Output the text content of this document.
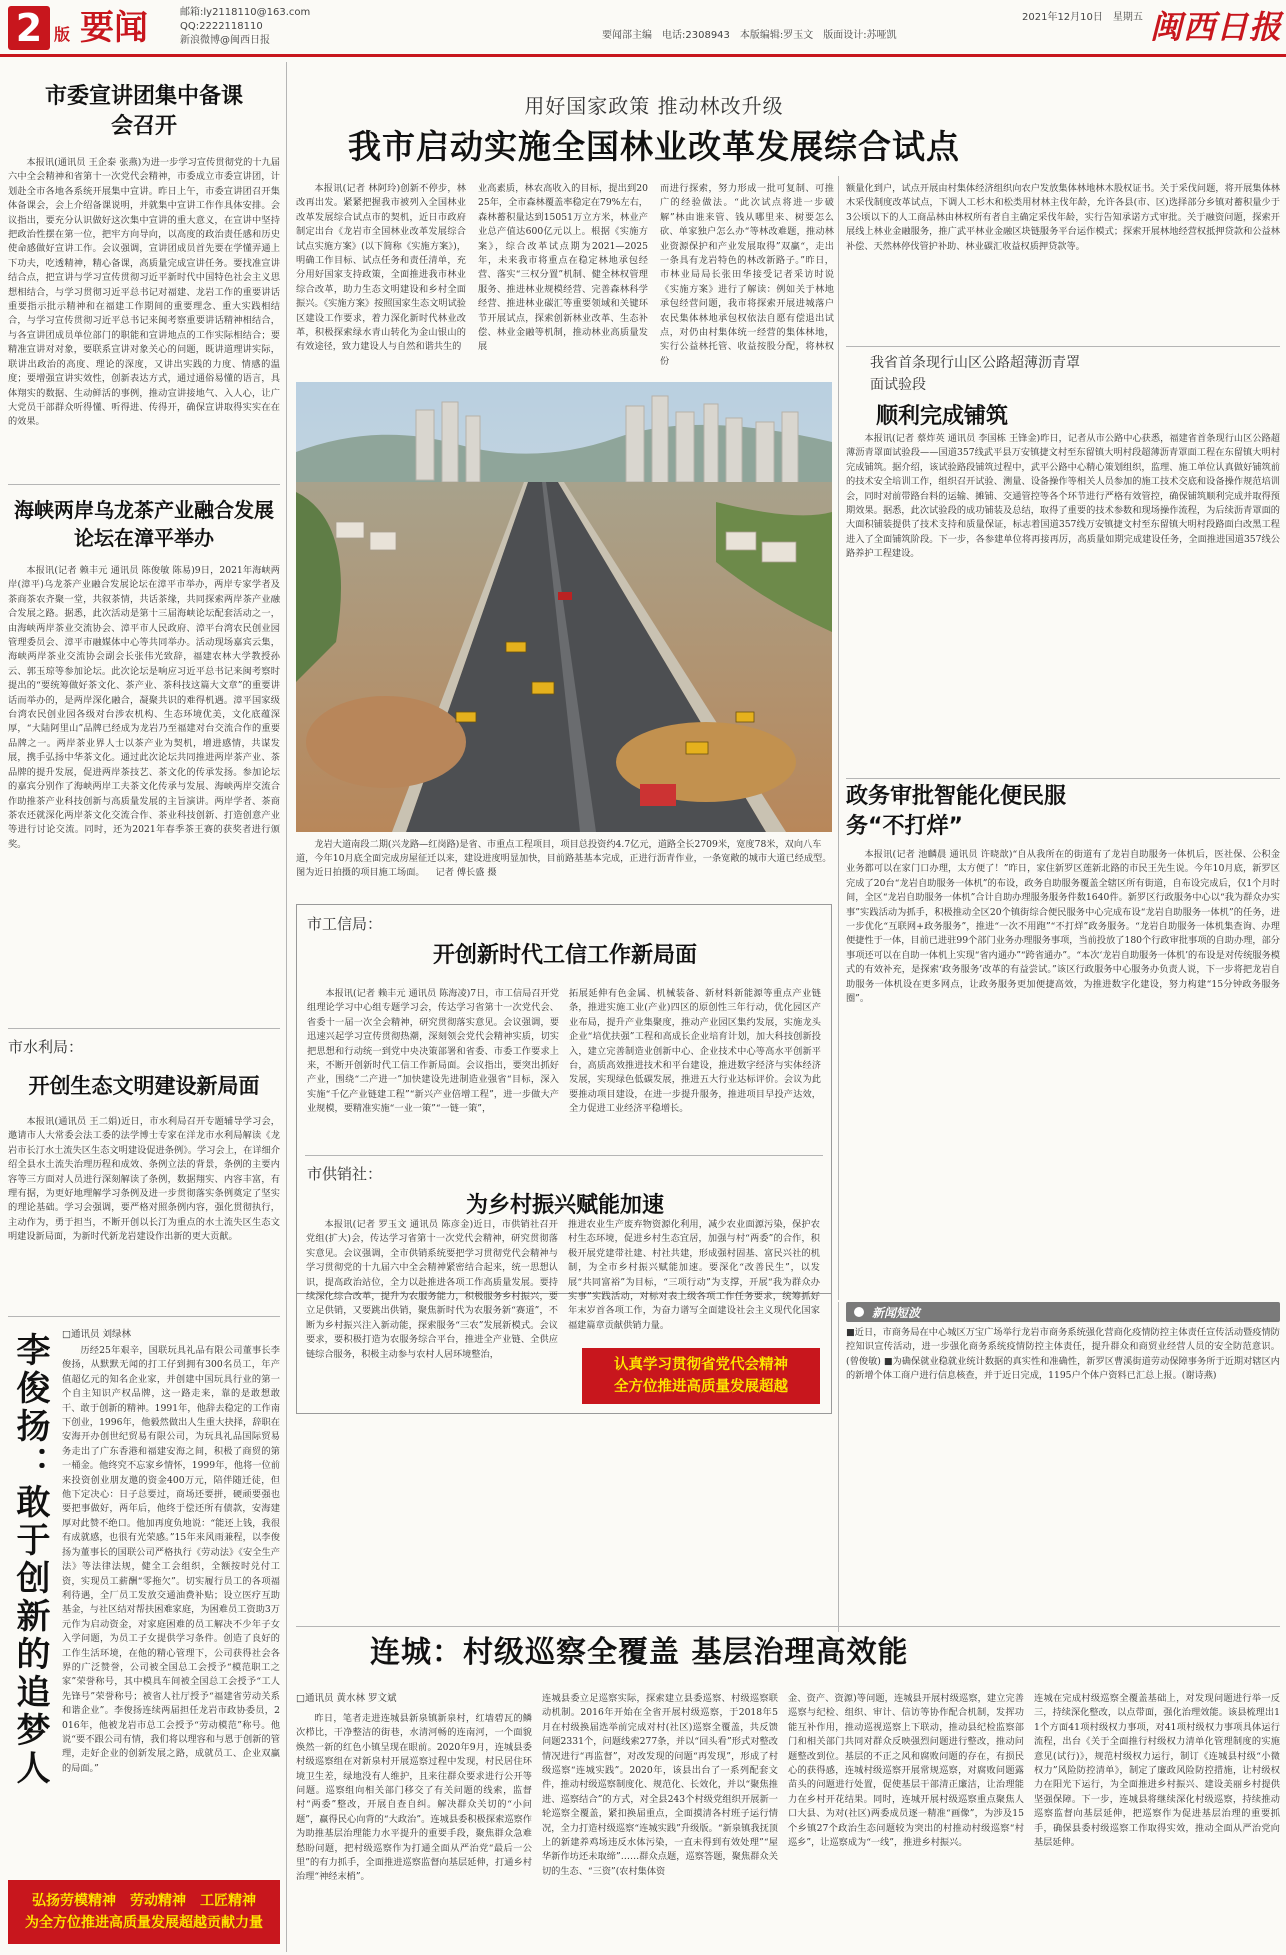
2 版 要闻	邮箱:ly2118110@163.com
QQ:2222118110
新浪微博@闽西日报	要闻部主编　电话:2308943　本版编辑:罗玉文　版面设计:苏哑凯
2021年12月10日　星期五 闽西日报
市委宣讲团集中备课会召开
本报讯(通讯员 王企泰 张燕)为进一步学习宣传贯彻党的十九届六中全会精神和省第十一次党代会精神，市委成立市委宣讲团，计划赴全市各地各系统开展集中宣讲。昨日上午，市委宣讲团召开集体备课会，会上介绍备课说明，并就集中宣讲工作作具体安排。会议指出，要充分认识做好这次集中宣讲的重大意义，在宣讲中坚持把政治性摆在第一位，把牢方向导向，以高度的政治责任感和历史使命感做好宣讲工作。会议强调，宣讲团成员首先要在学懂弄通上下功夫，吃透精神，精心备课，高质量完成宣讲任务。要找准宣讲结合点，把宣讲与学习宣传贯彻习近平新时代中国特色社会主义思想相结合，与学习贯彻习近平总书记对福建、龙岩工作的重要讲话重要指示批示精神和在福建工作期间的重要理念、重大实践相结合，与学习宣传贯彻习近平总书记来闽考察重要讲话精神相结合，与各宣讲团成员单位部门的职能和宣讲地点的工作实际相结合；要精准宣讲对对象，要联系宣讲对象关心的问题，既讲道理讲实际，联讲出政治的高度、理论的深度，又讲出实践的力度、情感的温度；要增强宣讲实效性，创新表达方式，通过通俗易懂的语言，具体翔实的数据、生动鲜活的事例，推动宣讲接地气、入人心，让广大党员干部群众听得懂、听得进、传得开，确保宣讲取得实实在在的效果。
海峡两岸乌龙茶产业融合发展论坛在漳平举办
本报讯(记者 赖丰元 通讯员 陈俊敏 陈易)9日，2021年海峡两岸(漳平)乌龙茶产业融合发展论坛在漳平市举办，两岸专家学者及茶商茶农齐聚一堂，共叙茶情，共话茶缘，共同探索两岸茶产业融合发展之路。据悉，此次活动是第十三届海峡论坛配套活动之一，由海峡两岸茶业交流协会、漳平市人民政府、漳平台湾农民创业园管理委员会、漳平市融媒体中心等共同举办。活动现场嘉宾云集，海峡两岸茶业交流协会副会长张伟光致辞，福建农林大学教授孙云、郭玉琼等参加论坛。此次论坛是响应习近平总书记来闽考察时提出的“要统筹做好茶文化、茶产业、茶科技这篇大文章”的重要讲话而举办的，是两岸深化融合，凝聚共识的难得机遇。漳平国家级台湾农民创业园各级对台涉农机构、生态环境优美，文化底蕴深厚，“大陆阿里山”品牌已经成为龙岩乃至福建对台交流合作的重要品牌之一。两岸茶业界人士以茶产业为契机，增进感情，共谋发展，携手弘扬中华茶文化。通过此次论坛共同推进两岸茶产业、茶品牌的提升发展，促进两岸茶技艺、茶文化的传承发扬。参加论坛的嘉宾分别作了海峡两岸工夫茶文化传承与发展、海峡两岸交流合作助推茶产业科技创新与高质量发展的主旨演讲。两岸学者、茶商茶农还就深化两岸茶文化交流合作、茶业科技创新、打造创意产业等进行讨论交流。同时，还为2021年春季茶王赛的获奖者进行颁奖。
市水利局：
开创生态文明建设新局面
本报讯(通讯员 王二娟)近日，市水利局召开专题辅导学习会，邀请市人大常委会法工委的法学博士专家在洋龙市水利局解读《龙岩市长汀水土流失区生态文明建设促进条例》。学习会上，在详细介绍全县水土流失治理历程和成效、条例立法的背景，条例的主要内容等三方面对人员进行深刻解读了条例，数据翔实、内容丰富，有理有据，为更好地理解学习条例及进一步贯彻落实条例奠定了坚实的理论基础。学习会强调，要严格对照条例内容，强化贯彻执行，主动作为，勇于担当，不断开创以长汀为重点的水土流失区生态文明建设新局面，为新时代新龙岩建设作出新的更大贡献。
李俊扬：敢于创新的追梦人 □通讯员 刘绿林
历经25年艰辛，国联玩具礼品有限公司董事长李俊扬，从默默无闻的打工仔到拥有300名员工，年产值超亿元的知名企业家，并创建中国玩具行业的第一个自主知识产权品牌，这一路走来，靠的是敢想敢干、敢于创新的精神。1991年，他辞去稳定的工作南下创业，1996年，他毅然做出人生重大抉择，辞职在安海开办创世纪贸易有限公司，为玩具礼品国际贸易务走出了广东香港和福建安海之间，积极了商贸的第一桶金。他终究不忘家乡情怀，1999年，他将一位前来投资创业朋友邀的资金400万元，陪伴随迁徒，但他下定决心：日子总要过，商场还要拼，硬顽要强也要把事做好，两年后，他终于偿还所有债款，安海建厚对此赞不绝口。他加再度负地说：“能还上钱，我很有成就感，也很有光荣感。”15年来风雨兼程，以李俊扬为董事长的国联公司严格执行《劳动法》《安全生产法》等法律法规，健全工会组织，全额按时兑付工资，实现员工薪酬“零拖欠”。切实履行员工的各项福利待遇，全厂员工发放交通油费补贴；设立医疗互助基金，与社区结对帮扶困难家庭，为困难员工资助3万元作为启动资金，对家庭困难的员工解决不少年子女入学问题，为员工子女提供学习条件。创造了良好的工作生活环境，在他的精心管理下，公司获得社会各界的广泛赞誉，公司被全国总工会授予“模范职工之家”荣誉称号，其中模具车间被全国总工会授予“工人先锋号”荣誉称号；被省人社厅授予“福建省劳动关系和谐企业”。李俊扬连续两届担任龙岩市政协委员，2016年，他被龙岩市总工会授予“劳动模范”称号。他说“要不跟公司有情，我们将以理容和与恩于创新的管理，走好企业的创新发展之路，成就员工、企业双赢的局面。”
弘扬劳模精神　劳动精神　工匠精神
为全方位推进高质量发展超越贡献力量
用好国家政策 推动林改升级
我市启动实施全国林业改革发展综合试点
本报讯(记者 林阿玲)创新不停步，林改再出发。紧紧把握我市被列入全国林业改革发展综合试点市的契机，近日市政府制定出台《龙岩市全国林业改革发展综合试点实施方案》(以下简称《实施方案》)，明确工作目标、试点任务和责任清单，充分用好国家支持政策，全面推进我市林业综合改革，助力生态文明建设和乡村全面振兴。《实施方案》按照国家生态文明试验区建设工作要求，着力深化新时代林业改革，积极探索绿水青山转化为金山银山的有效途径，致力建设人与自然和谐共生的
业高素质，林农高收入的目标，提出到2025年，全市森林覆盖率稳定在79%左右，森林蓄积量达到15051万立方米，林业产业总产值达600亿元以上。根据《实施方案》，综合改革试点期为2021—2025年，未来我市将重点在稳定林地承包经营、落实“三权分置”机制、健全林权管理服务、推进林业规模经营、完善森林科学经营、推进林业碳汇等重要领域和关键环节开展试点，探索创新林业改革、生态补偿、林业金融等机制，推动林业高质量发展
而进行探索，努力形成一批可复制、可推广的经验做法。“此次试点将进一步破解”林由谁来管、钱从哪里来、树要怎么砍、单家独户怎么办“等林改难题，推动林业资源保护和产业发展取得”双赢“，走出一条具有龙岩特色的林改新路子。”昨日，市林业局局长张田华接受记者采访时说《实施方案》进行了解读：例如关于林地承包经营问题，我市将探索开展进城落户农民集体林地承包权依法自愿有偿退出试点，对仍由村集体统一经营的集体林地，实行公益林托管、收益按股分配，将林权份
额量化到户，试点开展由村集体经济组织向农户发放集体林地林木股权证书。关于采伐问题，将开展集体林木采伐制度改革试点，下调人工杉木和松类用材林主伐年龄，允许各县(市、区)选择部分乡镇对蓄积量少于3公顷以下的人工商品林由林权所有者自主确定采伐年龄，实行告知承诺方式审批。关于融资问题，探索开展线上林业金融服务，推广武平林业金融区块链服务平台运作模式；探索开展林地经营权抵押贷款和公益林补偿、天然林停伐管护补助、林业碳汇收益权质押贷款等。
龙岩大道南段二期(兴龙路—红岗路)是省、市重点工程项目，项目总投资约4.7亿元，道路全长2709米，宽度78米，双向八车道，今年10月底全面完成房屋征迁以来，建设进度明显加快，目前路基基本完成，正进行沥青作业，一条宽敞的城市大道已经成型。图为近日拍摄的项目施工场面。 记者 傅长盛 摄
我省首条现行山区公路超薄沥青罩面试验段
顺利完成铺筑
本报讯(记者 蔡炸英 通讯员 李国栋 王锋金)昨日，记者从市公路中心获悉，福建省首条现行山区公路超薄沥青罩面试验段——国道357线武平县万安镇捷文村至东留镇大明村段超薄沥青罩面工程在东留镇大明村完成铺筑。据介绍，该试验路段铺筑过程中，武平公路中心精心策划组织，监理、施工单位认真做好铺筑前的技术安全培训工作，组织召开试验、测量、设备操作等相关人员参加的施工技术交底和设备操作规范培训会，同时对前带路台料的运输、摊铺、交通管控等各个环节进行严格有效管控，确保铺筑顺利完成并取得预期效果。据悉，此次试验段的成功铺装及总结，取得了重要的技术参数和现场操作流程，为后续沥青罩面的大面积铺装提供了技术支持和质量保证，标志着国道357线万安镇捷文村至东留镇大明村段路面白改黑工程进入了全面铺筑阶段。下一步，各参建单位将再接再厉，高质量如期完成建设任务，全面推进国道357线公路养护工程建设。
政务审批智能化便民服务“不打烊”
本报讯(记者 池麟晨 通讯员 许晓歆)“自从我所在的街道有了龙岩自助服务一体机后，医社保、公积金业务都可以在家门口办理，太方便了！”昨日，家住新罗区莲新北路的市民王先生说。今年10月底，新罗区完成了20台“龙岩自助服务一体机”的布设，政务自助服务覆盖全辖区所有街道，自布设完成后，仅1个月时间，全区“龙岩自助服务一体机”合计自助办理服务服务件数1640件。新罗区行政服务中心以“我为群众办实事”实践活动为抓手，积极推动全区20个镇街综合便民服务中心完成布设“龙岩自助服务一体机”的任务，进一步优化“互联网+政务服务”，推进“一次不用跑”“不打烊”政务服务。“龙岩自助服务一体机集查询、办理便捷性于一体，目前已进驻99个部门业务办理服务事项，当前投放了180个行政审批事项的自助办理，部分事项还可以在自助一体机上实现“省内通办”“跨省通办”。“本次‘龙岩自助服务一体机’的布设是对传统服务模式的有效补充，是探索‘政务服务’改革的有益尝试。”该区行政服务中心服务办负责人说，下一步将把龙岩自助服务一体机设在更多网点，让政务服务更加便捷高效，为推进数字化建设，努力构建“15分钟政务服务圈”。
新闻短波
■近日，市商务局在中心城区万宝广场举行龙岩市商务系统强化营商化疫情防控主体责任宣传活动暨疫情防控知识宣传活动，进一步强化商务系统疫情防控主体责任，提升群众和商贸业经营人员的安全防范意识。(曾俊敏) ■为确保就业稳就业统计数据的真实性和准确性，新罗区曹溪街道劳动保障事务所于近期对辖区内的新增个体工商户进行信息核查，并于近日完成，1195户个体户资料已汇总上报。(谢诗燕)
市工信局：
开创新时代工信工作新局面
本报讯(记者 赖丰元 通讯员 陈海凌)7日，市工信局召开党组理论学习中心组专题学习会，传达学习省第十一次党代会、省委十一届一次全会精神，研究贯彻落实意见。会议强调，要迅速兴起学习宣传贯彻热潮，深刻领会党代会精神实质，切实把思想和行动统一到党中央决策部署和省委、市委工作要求上来，不断开创新时代工信工作新局面。会议指出，要突出抓好产业，围绕“二产进一”加快建设先进制造业强省“目标，深入实施“千亿产业链建工程”“新兴产业倍增工程”，进一步做大产业规模，要精准实施“一业一策”“一链一策”，
拓展延伸有色金属、机械装备、新材料新能源等重点产业链条，推进实施工业(产业)四区的原创性三年行动，优化园区产业布局，提升产业集聚度，推动产业园区集约发展，实施龙头企业“培优扶强”工程和高成长企业培育计划，加大科技创新投入，建立完善制造业创新中心、企业技术中心等高水平创新平台，高质高效推进技术和平台建设，推进数字经济与实体经济发展，实现绿色低碳发展，推进五大行业达标评价。会议为此要推动项目建设，在进一步提升服务，推进项目早投产达效，全力促进工业经济平稳增长。
市供销社：
为乡村振兴赋能加速
本报讯(记者 罗玉文 通讯员 陈彦金)近日，市供销社召开党组(扩大)会，传达学习省第十一次党代会精神，研究贯彻落实意见。会议强调，全市供销系统要把学习贯彻党代会精神与学习贯彻党的十九届六中全会精神紧密结合起来，统一思想认识，提高政治站位，全力以赴推进各项工作高质量发展。要持续深化综合改革，提升为农服务能力，积极服务乡村振兴，要立足供销，又要跳出供销，聚焦新时代为农服务新“赛道”，不断为乡村振兴注入新动能，探索服务“三农”发展新模式。会议要求，要积极打造为农服务综合平台，推进全产业链、全供应链综合服务，积极主动参与农村人居环境整治，
推进农业生产废弃物资源化利用，减少农业面源污染，保护农村生态环境，促进乡村生态宜居，加强与村“两委”的合作，积极开展党建带社建、村社共建，形成强村固基、富民兴社的机制，为全市乡村振兴赋能加速。要深化“改善民生”，以发展“共同富裕”为目标，“三项行动”为支撑，开展“我为群众办实事”实践活动，对标对表上级各项工作任务要求，统筹抓好年末岁首各项工作，为奋力谱写全面建设社会主义现代化国家福建篇章贡献供销力量。
认真学习贯彻省党代会精神
全方位推进高质量发展超越
连城：村级巡察全覆盖 基层治理高效能
□通讯员 黄水林 罗文斌
昨日，笔者走进连城县新泉镇新泉村，红墙碧瓦的鳞次栉比，干净整洁的街巷，水清河畅的连南河，一个面貌焕然一新的红色小镇呈现在眼前。2020年9月，连城县委村级巡察组在对新泉村开展巡察过程中发现，村民居住环境卫生差，绿地没有人维护，且来往群众要求进行公开等问题。巡察组向相关部门移交了有关问题的线索，监督村“两委”整改，开展自查自纠。解决群众关切的“小问题”，赢得民心向背的“大政治”。连城县委积极探索巡察作为助推基层治理能力水平提升的重要手段，聚焦群众急难愁盼问题，把村级巡察作为打通全面从严治党“最后一公里”的有力抓手，全面推进巡察监督向基层延伸，打通乡村治理“神经末梢”。
连城县委立足巡察实际，探索建立县委巡察、村级巡察联动机制。2016年开始在全省开展村级巡察，于2018年5月在村级换届选举前完成对村(社区)巡察全覆盖，共反馈问题2331个，问题线索277条，并以“回头看”形式对整改情况进行“再监督”，对改发现的问题“再发现”，形成了村级巡察“连城实践”。2020年，该县出台了一系列配套文件，推动村级巡察制度化、规范化、长效化，并以“聚焦推进、巡察结合”的方式，对全县243个村级党组织开展新一轮巡察全覆盖，紧扣换届重点，全面摸清各村班子运行情况，全力打造村级巡察“连城实践”升级版。“新泉镇我抚顶上的新建养鸡场违反水体污染，一直未得到有效处理”“屋华新作坊还未取缔”……群众点题，巡察答题，聚焦群众关切的生态、“三资”(农村集体资
金、资产、资源)等问题，连城县开展村级巡察，建立完善巡察与纪检、组织、审计、信访等协作配合机制，发挥功能互补作用，推动巡视巡察上下联动，推动县纪检监察部门和相关部门共同对群众反映强烈问题进行整改，推动问题整改到位。基层的不正之风和腐败问题的存在，有损民心的获得感，连城村级巡察开展常规巡察，对腐败问题露苗头的问题进行处置，促使基层干部清正廉洁，让治理能力在乡村开花结果。同时，连城开展村级巡察重点聚焦人口大县、为对(社区)两委成员逐一精准“画像”，为涉及15个乡镇27个政治生态问题较为突出的村推动村级巡察“村巡乡”，让巡察成为“一线”，推进乡村振兴。
连城在完成村级巡察全覆盖基础上，对发现问题进行举一反三，持续深化整改，以点带面，强化治理效能。该县梳理出11个方面41项村级权力事项，对41项村级权力事项具体运行流程，出台《关于全面推行村级权力清单化管理制度的实施意见(试行)》，规范村级权力运行，制订《连城县村级“小微权力”风险防控清单》，制定了廉政风险防控措施，让村级权力在阳光下运行，为全面推进乡村振兴、建设美丽乡村提供坚强保障。下一步，连城县将继续深化村级巡察，持续推动巡察监督向基层延伸，把巡察作为促进基层治理的重要抓手，确保县委村级巡察工作取得实效，推动全面从严治党向基层延伸。
